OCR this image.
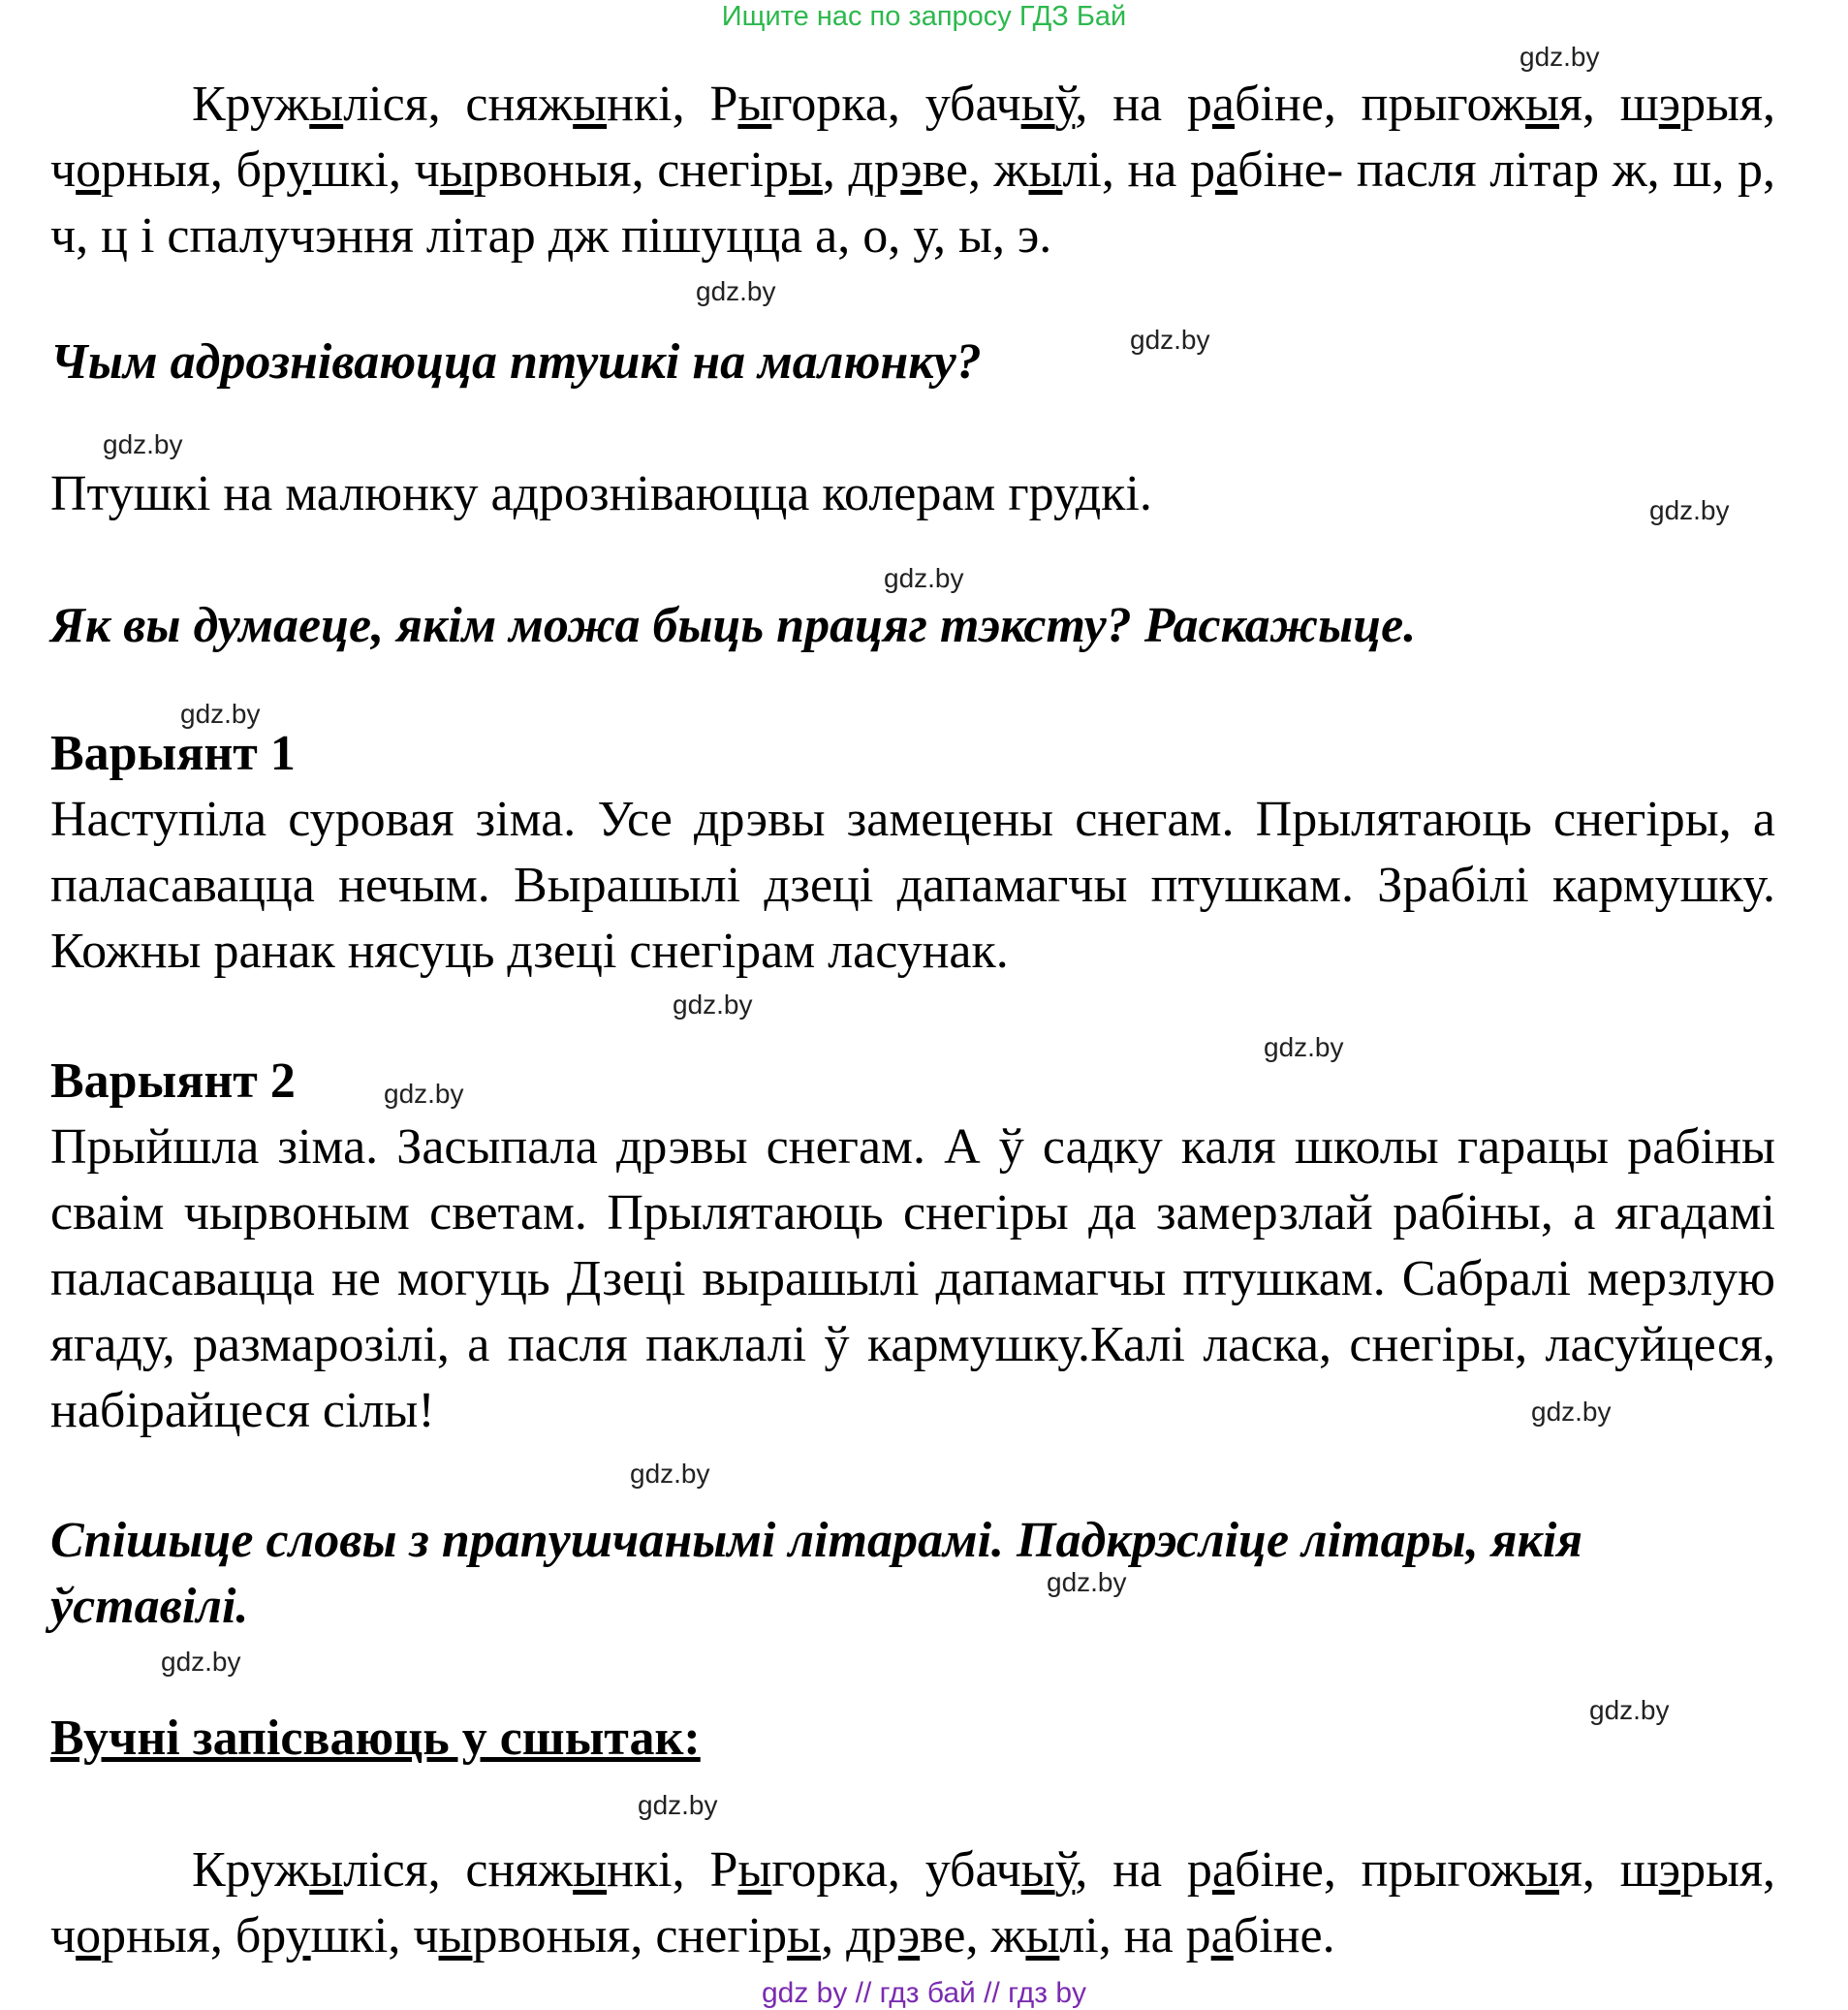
Ищите нас по запросу ГДЗ Бай
Кружыліся, сняжынкі, Рыгорка, убачыў, на рабіне, прыгожыя, шэрыя, чорныя, брушкі, чырвоныя, снегіры, дрэве, жылі, на рабіне- пасля літар ж, ш, р, ч, ц і спалучэння літар дж пішуцца а, о, у, ы, э.
Чым адрозніваюцца птушкі на малюнку?
Птушкі на малюнку адрозніваюцца колерам грудкі.
Як вы думаеце, якім можа быць працяг тэксту? Раскажыце.
Варыянт 1
Наступіла суровая зіма. Усе дрэвы замецены снегам. Прылятаюць снегіры, а паласавацца нечым. Вырашылі дзеці дапамагчы птушкам. Зрабілі кармушку. Кожны ранак нясуць дзеці снегірам ласунак.
Варыянт 2
Прыйшла зіма. Засыпала дрэвы снегам. А ў садку каля школы гарацы рабіны сваім чырвоным светам. Прылятаюць снегіры да замерзлай рабіны, а ягадамі паласавацца не могуць Дзеці вырашылі дапамагчы птушкам. Сабралі мерзлую ягаду, размарозілі, а пасля паклалі ў кармушку.Калі ласка, снегіры, ласуйцеся, набірайцеся сілы!
Спішыце словы з прапушчанымі літарамі. Падкрэсліце літары, якія ўставілі.
Вучні запісваюць у сшытак:
Кружыліся, сняжынкі, Рыгорка, убачыў, на рабіне, прыгожыя, шэрыя, чорныя, брушкі, чырвоныя, снегіры, дрэве, жылі, на рабіне.
gdz.by
gdz.by
gdz.by
gdz.by
gdz.by
gdz.by
gdz.by
gdz.by
gdz.by
gdz.by
gdz.by
gdz.by
gdz.by
gdz.by
gdz.by
gdz.by
gdz by // гдз бай // гдз by
